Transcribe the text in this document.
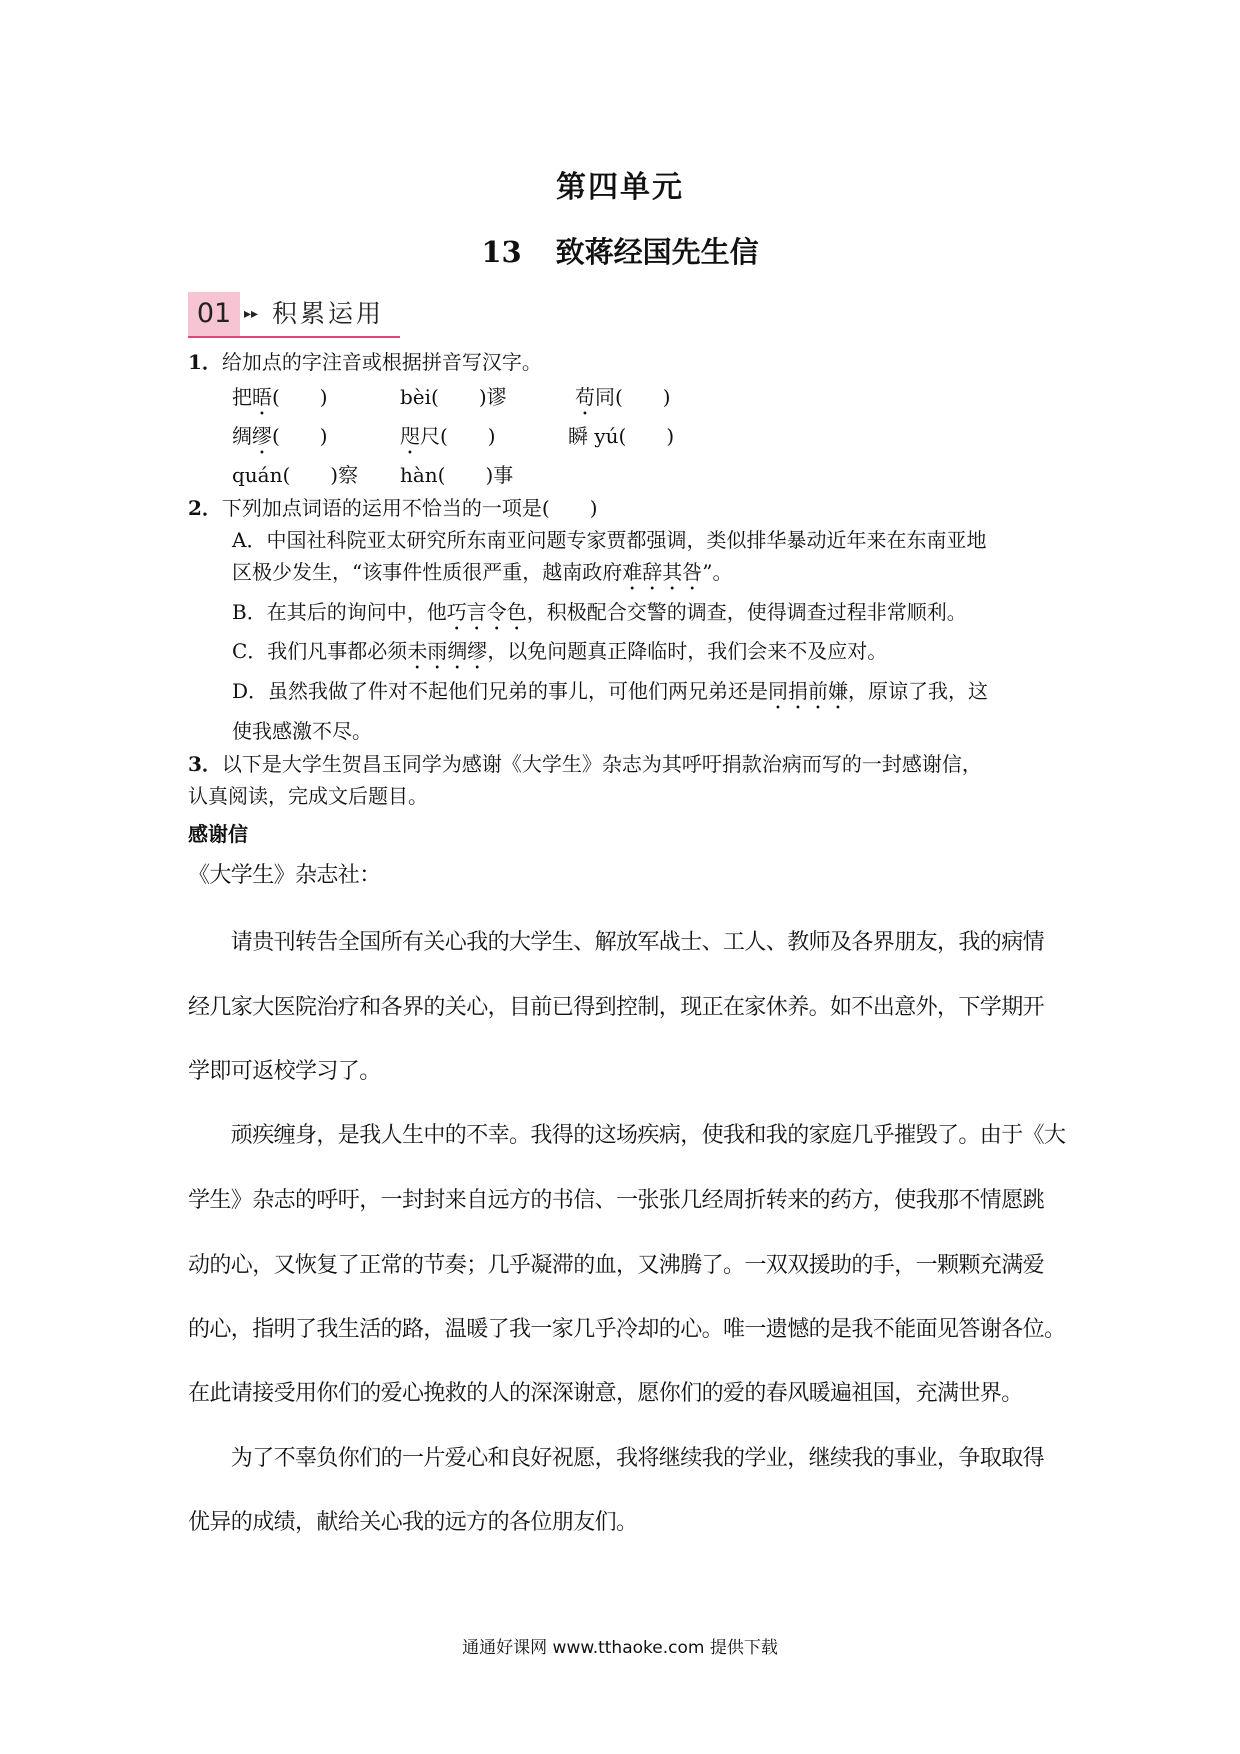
第四单元
13 致蒋经国先生信
01 ▸▸ 积累运用
1．给加点的字注音或根据拼音写汉字。
把晤(　　)	bèi(　　)谬	苟同(　　)
绸缪(　　)	咫尺(　　)	瞬 yú(　　)
quán(　　)察 hàn(　　)事
2．下列加点词语的运用不恰当的一项是(　　)
A．中国社科院亚太研究所东南亚问题专家贾都强调，类似排华暴动近年来在东南亚地
区极少发生，“该事件性质很严重，越南政府难辞其咎”。
B．在其后的询问中，他巧言令色，积极配合交警的调查，使得调查过程非常顺利。
C．我们凡事都必须未雨绸缪，以免问题真正降临时，我们会来不及应对。
D．虽然我做了件对不起他们兄弟的事儿，可他们两兄弟还是同捐前嫌，原谅了我，这
使我感激不尽。
3．以下是大学生贺昌玉同学为感谢《大学生》杂志为其呼吁捐款治病而写的一封感谢信，
认真阅读，完成文后题目。
感谢信
《大学生》杂志社：
　　请贵刊转告全国所有关心我的大学生、解放军战士、工人、教师及各界朋友，我的病情
经几家大医院治疗和各界的关心，目前已得到控制，现正在家休养。如不出意外，下学期开
学即可返校学习了。
　　顽疾缠身，是我人生中的不幸。我得的这场疾病，使我和我的家庭几乎摧毁了。由于《大
学生》杂志的呼吁，一封封来自远方的书信、一张张几经周折转来的药方，使我那不情愿跳
动的心，又恢复了正常的节奏；几乎凝滞的血，又沸腾了。一双双援助的手，一颗颗充满爱
的心，指明了我生活的路，温暖了我一家几乎冷却的心。唯一遗憾的是我不能面见答谢各位。
在此请接受用你们的爱心挽救的人的深深谢意，愿你们的爱的春风暖遍祖国，充满世界。
　　为了不辜负你们的一片爱心和良好祝愿，我将继续我的学业，继续我的事业，争取取得
优异的成绩，献给关心我的远方的各位朋友们。
通通好课网 www.tthaoke.com 提供下载
